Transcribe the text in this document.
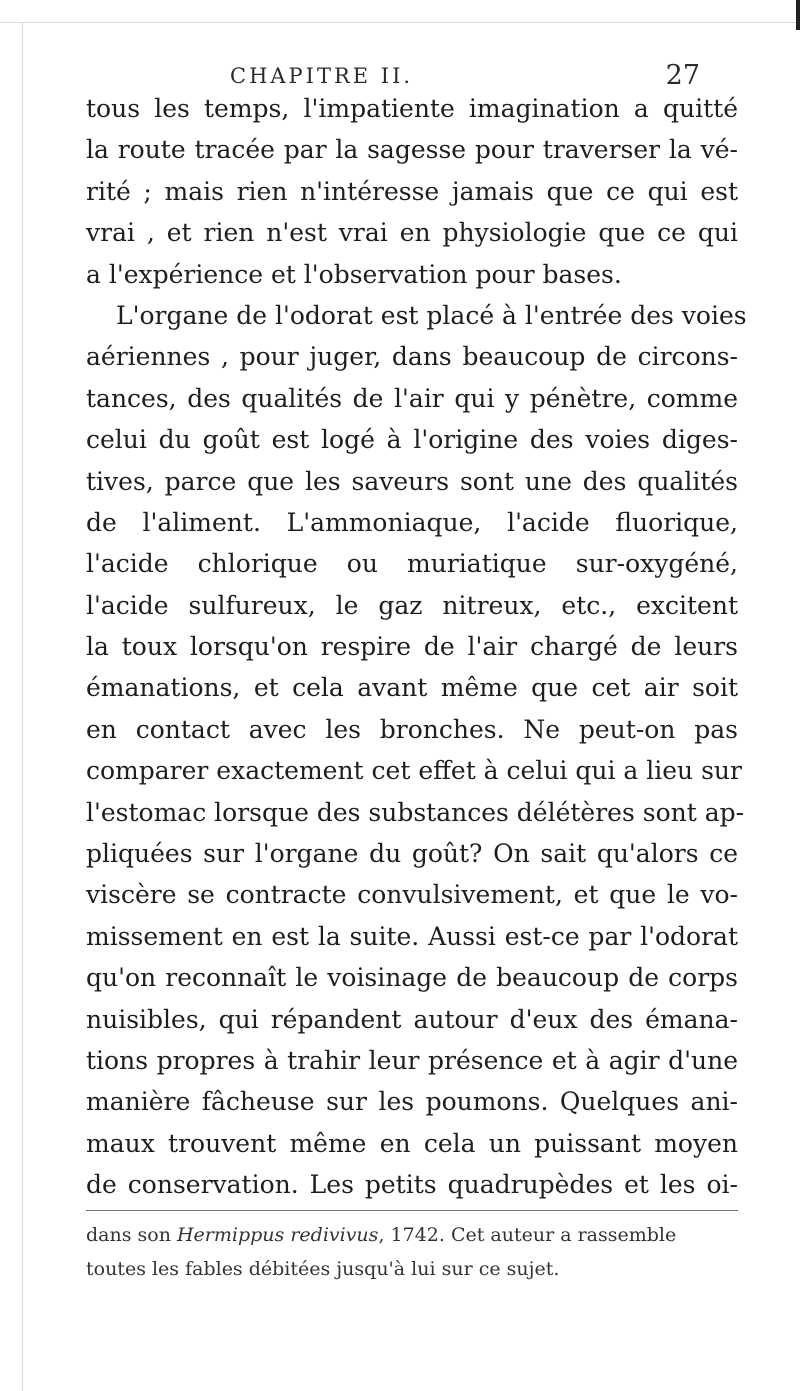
CHAPITRE II.	27
tous les temps, l'impatiente imagination a quitté
la route tracée par la sagesse pour traverser la vé-
rité ; mais rien n'intéresse jamais que ce qui est
vrai , et rien n'est vrai en physiologie que ce qui
a l'expérience et l'observation pour bases.
L'organe de l'odorat est placé à l'entrée des voies
aériennes , pour juger, dans beaucoup de circons-
tances, des qualités de l'air qui y pénètre, comme
celui du goût est logé à l'origine des voies diges-
tives, parce que les saveurs sont une des qualités
de l'aliment. L'ammoniaque, l'acide fluorique,
l'acide chlorique ou muriatique sur-oxygéné,
l'acide sulfureux, le gaz nitreux, etc., excitent
la toux lorsqu'on respire de l'air chargé de leurs
émanations, et cela avant même que cet air soit
en contact avec les bronches. Ne peut-on pas
comparer exactement cet effet à celui qui a lieu sur
l'estomac lorsque des substances délétères sont ap-
pliquées sur l'organe du goût? On sait qu'alors ce
viscère se contracte convulsivement, et que le vo-
missement en est la suite. Aussi est-ce par l'odorat
qu'on reconnaît le voisinage de beaucoup de corps
nuisibles, qui répandent autour d'eux des émana-
tions propres à trahir leur présence et à agir d'une
manière fâcheuse sur les poumons. Quelques ani-
maux trouvent même en cela un puissant moyen
de conservation. Les petits quadrupèdes et les oi-
dans son Hermippus redivivus, 1742. Cet auteur a rassemble
toutes les fables débitées jusqu'à lui sur ce sujet.
